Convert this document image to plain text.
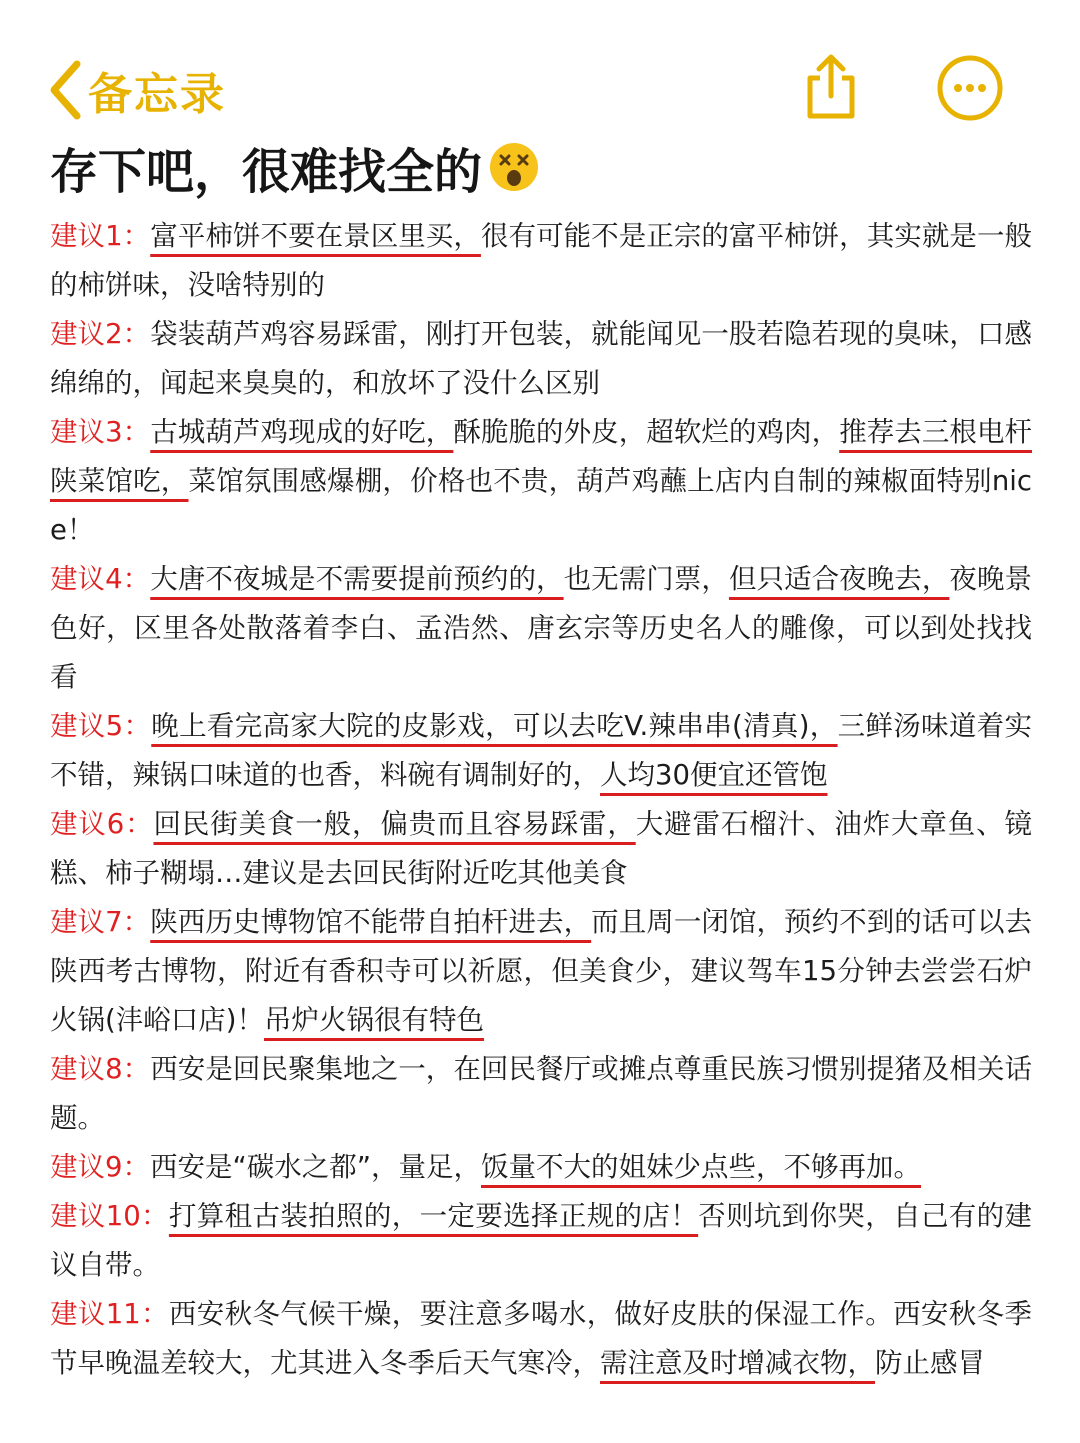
备忘录
存下吧，很难找全的

建议1：富平柿饼不要在景区里买，很有可能不是正宗的富平柿饼，其实就是一般的柿饼味，没啥特别的

建议2：袋装葫芦鸡容易踩雷，刚打开包装，就能闻见一股若隐若现的臭味，口感绵绵的，闻起来臭臭的，和放坏了没什么区别

建议3：古城葫芦鸡现成的好吃，酥脆脆的外皮，超软烂的鸡肉，推荐去三根电杆陕菜馆吃，菜馆氛围感爆棚，价格也不贵，葫芦鸡蘸上店内自制的辣椒面特别nice！

建议4：大唐不夜城是不需要提前预约的，也无需门票，但只适合夜晚去，夜晚景色好，区里各处散落着李白、孟浩然、唐玄宗等历史名人的雕像，可以到处找找看

建议5：晚上看完高家大院的皮影戏，可以去吃V.辣串串(清真)，三鲜汤味道着实不错，辣锅口味道的也香，料碗有调制好的，人均30便宜还管饱

建议6：回民街美食一般，偏贵而且容易踩雷，大避雷石榴汁、油炸大章鱼、镜糕、柿子糊塌…建议是去回民街附近吃其他美食

建议7：陕西历史博物馆不能带自拍杆进去，而且周一闭馆，预约不到的话可以去陕西考古博物，附近有香积寺可以祈愿，但美食少，建议驾车15分钟去尝尝石炉火锅(沣峪口店)！吊炉火锅很有特色

建议8：西安是回民聚集地之一，在回民餐厅或摊点尊重民族习惯别提猪及相关话题。

建议9：西安是“碳水之都”，量足，饭量不大的姐妹少点些，不够再加。

建议10：打算租古装拍照的，一定要选择正规的店！否则坑到你哭，自己有的建议自带。

建议11：西安秋冬气候干燥，要注意多喝水，做好皮肤的保湿工作。西安秋冬季节早晚温差较大，尤其进入冬季后天气寒冷，需注意及时增减衣物，防止感冒
